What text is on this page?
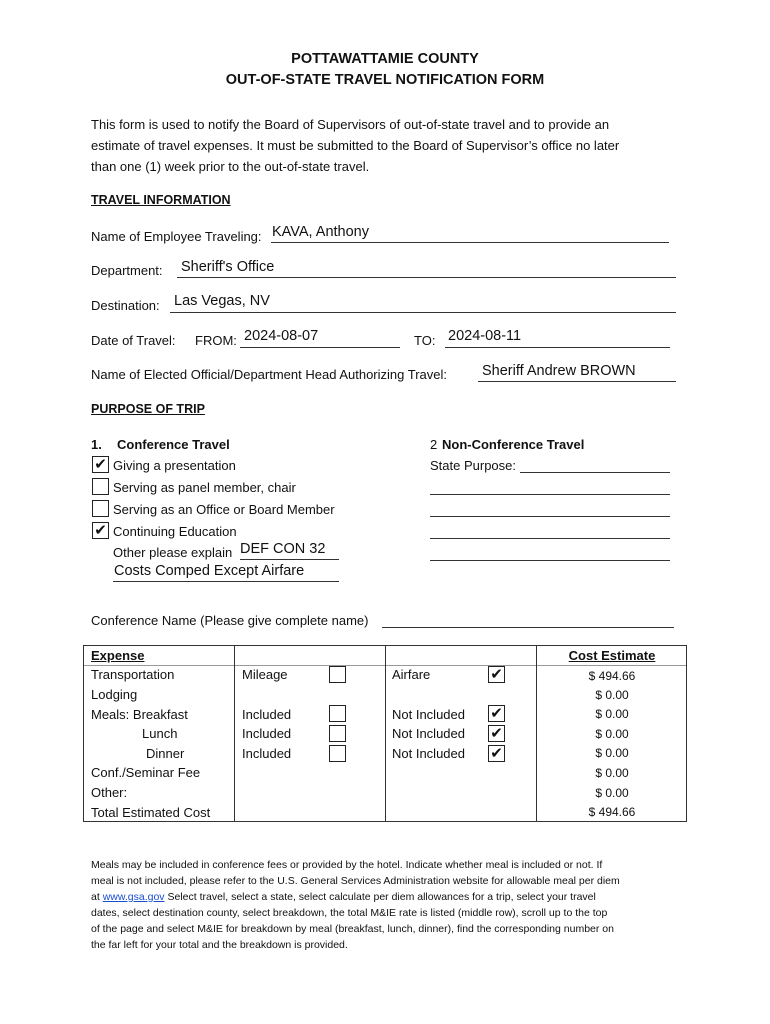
POTTAWATTAMIE COUNTY
OUT-OF-STATE TRAVEL NOTIFICATION FORM
This form is used to notify the Board of Supervisors of out-of-state travel and to provide an
estimate of travel expenses. It must be submitted to the Board of Supervisor’s office no later
than one (1) week prior to the out-of-state travel.
TRAVEL INFORMATION
Name of Employee Traveling: KAVA, Anthony
Department: Sheriff's Office
Destination: Las Vegas, NV
Date of Travel: FROM: 2024-08-07	TO: 2024-08-11
Name of Elected Official/Department Head Authorizing Travel: Sheriff Andrew BROWN
PURPOSE OF TRIP
1. Conference Travel
✔ Giving a presentation
Serving as panel member, chair
Serving as an Office or Board Member
✔ Continuing Education
Other please explain DEF CON 32
Costs Comped Except Airfare
2 Non-Conference Travel
State Purpose:
Conference Name (Please give complete name)
Expense	Cost Estimate
Transportation	Mileage	Airfare	✔	$ 494.66
Lodging	$ 0.00
Meals: Breakfast	Included	Not Included ✔	$ 0.00
Lunch	Included	Not Included ✔	$ 0.00
Dinner	Included	Not Included ✔	$ 0.00
Conf./Seminar Fee	$ 0.00
Other:	$ 0.00
Total Estimated Cost	$ 494.66
Meals may be included in conference fees or provided by the hotel. Indicate whether meal is included or not. If
meal is not included, please refer to the U.S. General Services Administration website for allowable meal per diem
at www.gsa.gov Select travel, select a state, select calculate per diem allowances for a trip, select your travel
dates, select destination county, select breakdown, the total M&IE rate is listed (middle row), scroll up to the top
of the page and select M&IE for breakdown by meal (breakfast, lunch, dinner), find the corresponding number on
the far left for your total and the breakdown is provided.
